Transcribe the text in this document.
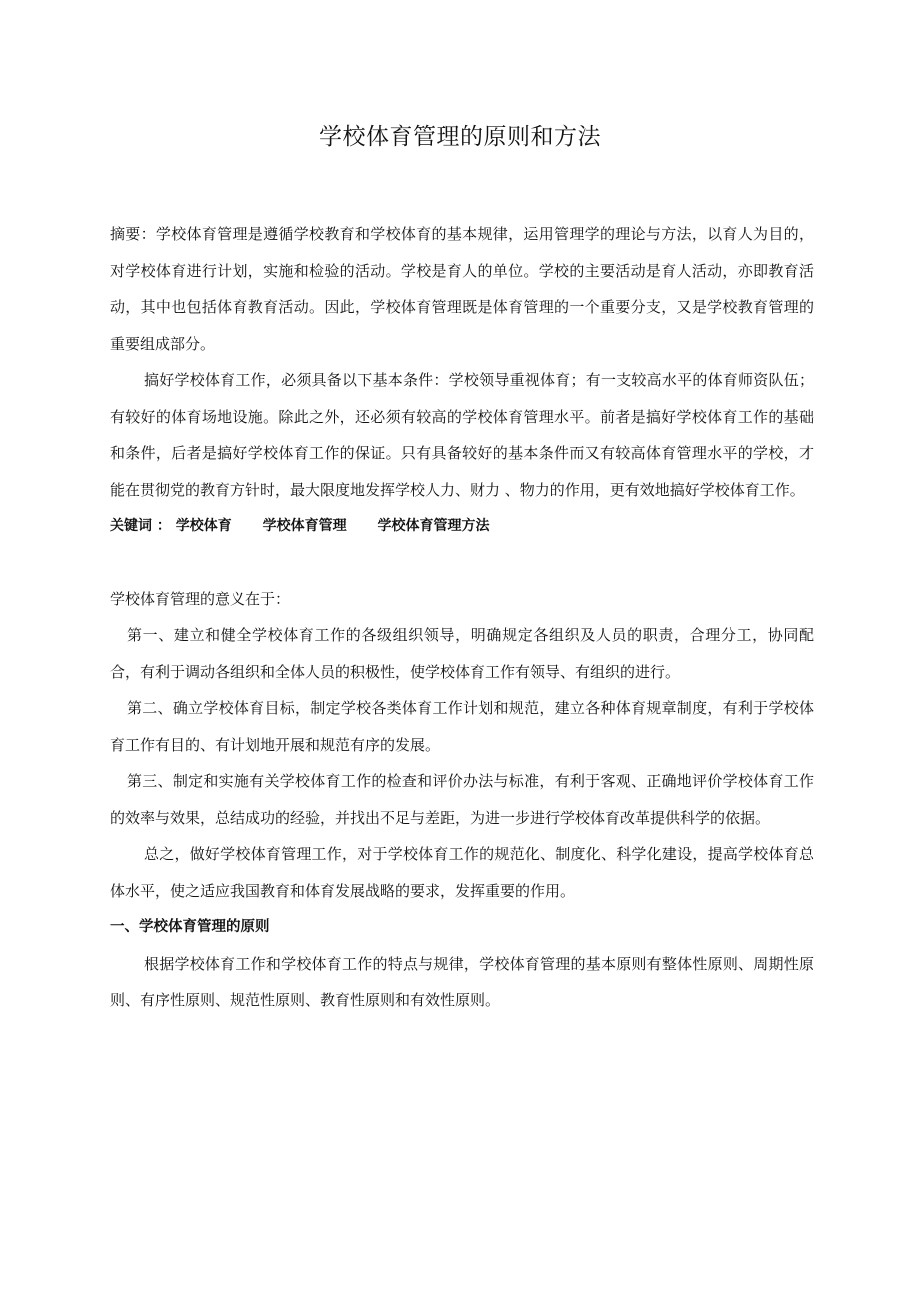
学校体育管理的原则和方法

摘要：学校体育管理是遵循学校教育和学校体育的基本规律，运用管理学的理论与方法，以育人为目的，对学校体育进行计划，实施和检验的活动。学校是育人的单位。学校的主要活动是育人活动，亦即教育活动，其中也包括体育教育活动。因此，学校体育管理既是体育管理的一个重要分支，又是学校教育管理的重要组成部分。

搞好学校体育工作，必须具备以下基本条件：学校领导重视体育；有一支较高水平的体育师资队伍；有较好的体育场地设施。除此之外，还必须有较高的学校体育管理水平。前者是搞好学校体育工作的基础和条件，后者是搞好学校体育工作的保证。只有具备较好的基本条件而又有较高体育管理水平的学校，才能在贯彻党的教育方针时，最大限度地发挥学校人力、财力 、物力的作用，更有效地搞好学校体育工作。

关键词 ： 学校体育 学校体育管理 学校体育管理方法

学校体育管理的意义在于：

第一、建立和健全学校体育工作的各级组织领导，明确规定各组织及人员的职责，合理分工，协同配合，有利于调动各组织和全体人员的积极性，使学校体育工作有领导、有组织的进行。

第二、确立学校体育目标，制定学校各类体育工作计划和规范，建立各种体育规章制度，有利于学校体育工作有目的、有计划地开展和规范有序的发展。

第三、制定和实施有关学校体育工作的检查和评价办法与标准，有利于客观、正确地评价学校体育工作的效率与效果，总结成功的经验，并找出不足与差距，为进一步进行学校体育改革提供科学的依据。

总之，做好学校体育管理工作，对于学校体育工作的规范化、制度化、科学化建设，提高学校体育总体水平，使之适应我国教育和体育发展战略的要求，发挥重要的作用。

一、学校体育管理的原则

根据学校体育工作和学校体育工作的特点与规律，学校体育管理的基本原则有整体性原则、周期性原则、有序性原则、规范性原则、教育性原则和有效性原则。
